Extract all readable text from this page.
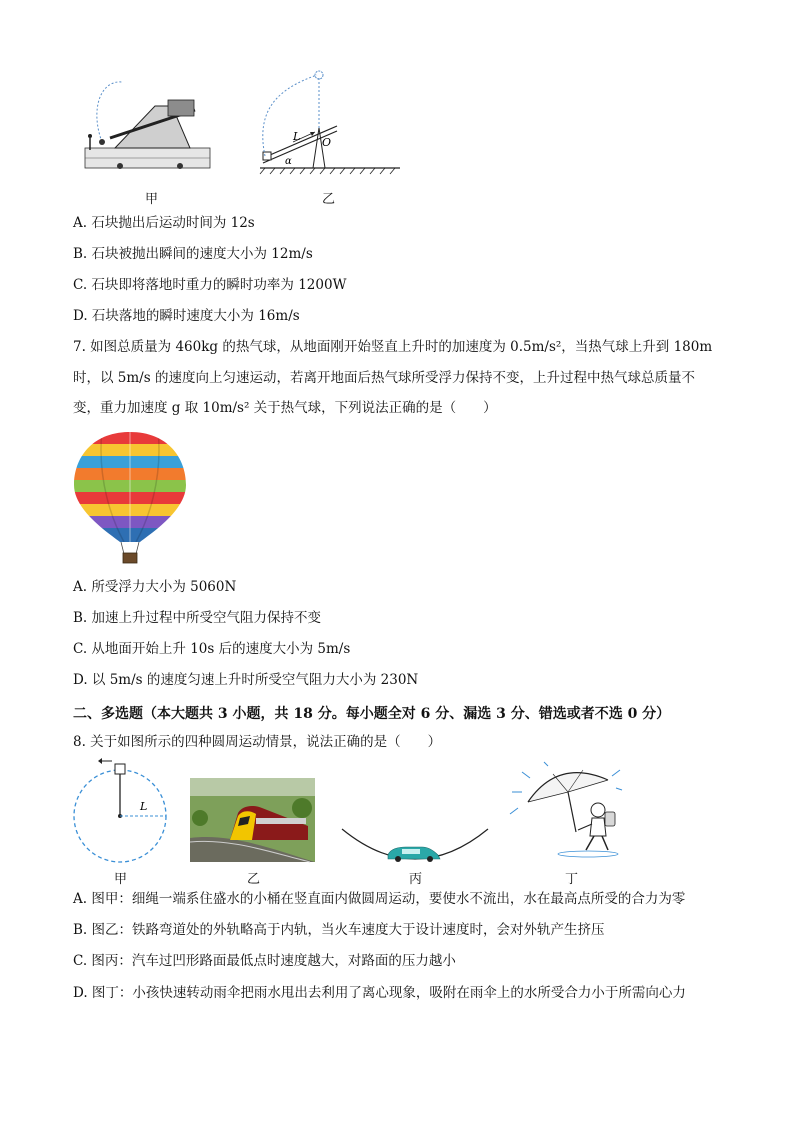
甲
L O
α
乙
A. 石块抛出后运动时间为 12s
B. 石块被抛出瞬间的速度大小为 12m/s
C. 石块即将落地时重力的瞬时功率为 1200W
D. 石块落地的瞬时速度大小为 16m/s
7. 如图总质量为 460kg 的热气球，从地面刚开始竖直上升时的加速度为 0.5m/s²，当热气球上升到 180m
时，以 5m/s 的速度向上匀速运动，若离开地面后热气球所受浮力保持不变，上升过程中热气球总质量不
变，重力加速度 g 取 10m/s² 关于热气球，下列说法正确的是（　　）
A. 所受浮力大小为 5060N
B. 加速上升过程中所受空气阻力保持不变
C. 从地面开始上升 10s 后的速度大小为 5m/s
D. 以 5m/s 的速度匀速上升时所受空气阻力大小为 230N
二、多选题（本大题共 3 小题，共 18 分。每小题全对 6 分、漏选 3 分、错选或者不选 0 分）
8. 关于如图所示的四种圆周运动情景，说法正确的是（　　）
L
甲	乙	丙	丁
A. 图甲：细绳一端系住盛水的小桶在竖直面内做圆周运动，要使水不流出，水在最高点所受的合力为零
B. 图乙：铁路弯道处的外轨略高于内轨，当火车速度大于设计速度时，会对外轨产生挤压
C. 图丙：汽车过凹形路面最低点时速度越大，对路面的压力越小
D. 图丁：小孩快速转动雨伞把雨水甩出去利用了离心现象，吸附在雨伞上的水所受合力小于所需向心力
